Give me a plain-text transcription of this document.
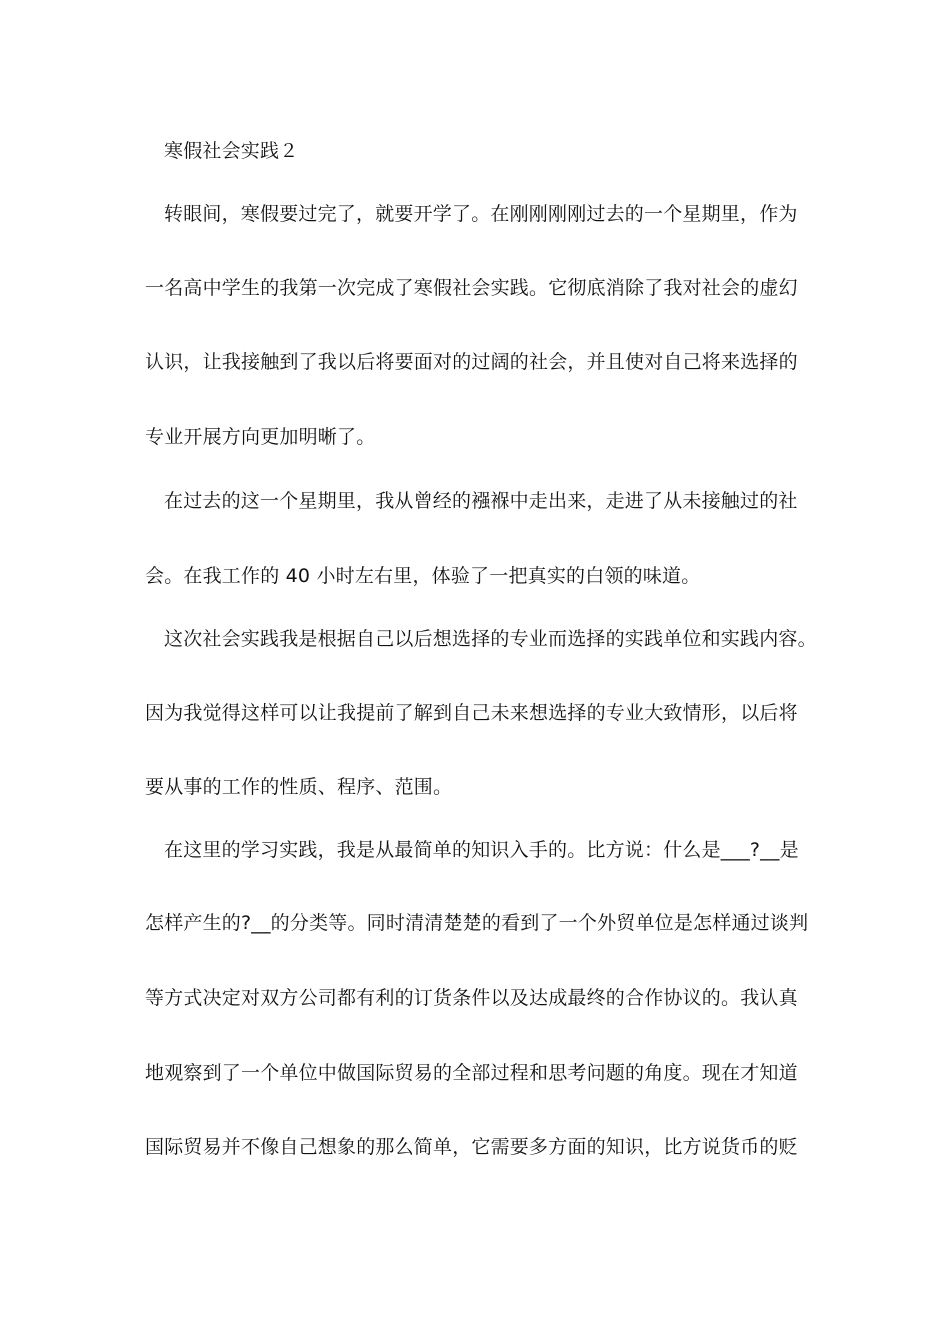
寒假社会实践２
转眼间，寒假要过完了，就要开学了。在刚刚刚刚过去的一个星期里，作为
一名高中学生的我第一次完成了寒假社会实践。它彻底消除了我对社会的虚幻
认识，让我接触到了我以后将要面对的过阔的社会，并且使对自己将来选择的
专业开展方向更加明晰了。
在过去的这一个星期里，我从曾经的襁褓中走出来，走进了从未接触过的社
会。在我工作的 40 小时左右里，体验了一把真实的白领的味道。
这次社会实践我是根据自己以后想选择的专业而选择的实践单位和实践内容。
因为我觉得这样可以让我提前了解到自己未来想选择的专业大致情形，以后将
要从事的工作的性质、程序、范围。
在这里的学习实践，我是从最简单的知识入手的。比方说：什么是___?__是
怎样产生的?__的分类等。同时清清楚楚的看到了一个外贸单位是怎样通过谈判
等方式决定对双方公司都有利的订货条件以及达成最终的合作协议的。我认真
地观察到了一个单位中做国际贸易的全部过程和思考问题的角度。现在才知道
国际贸易并不像自己想象的那么简单，它需要多方面的知识，比方说货币的贬
